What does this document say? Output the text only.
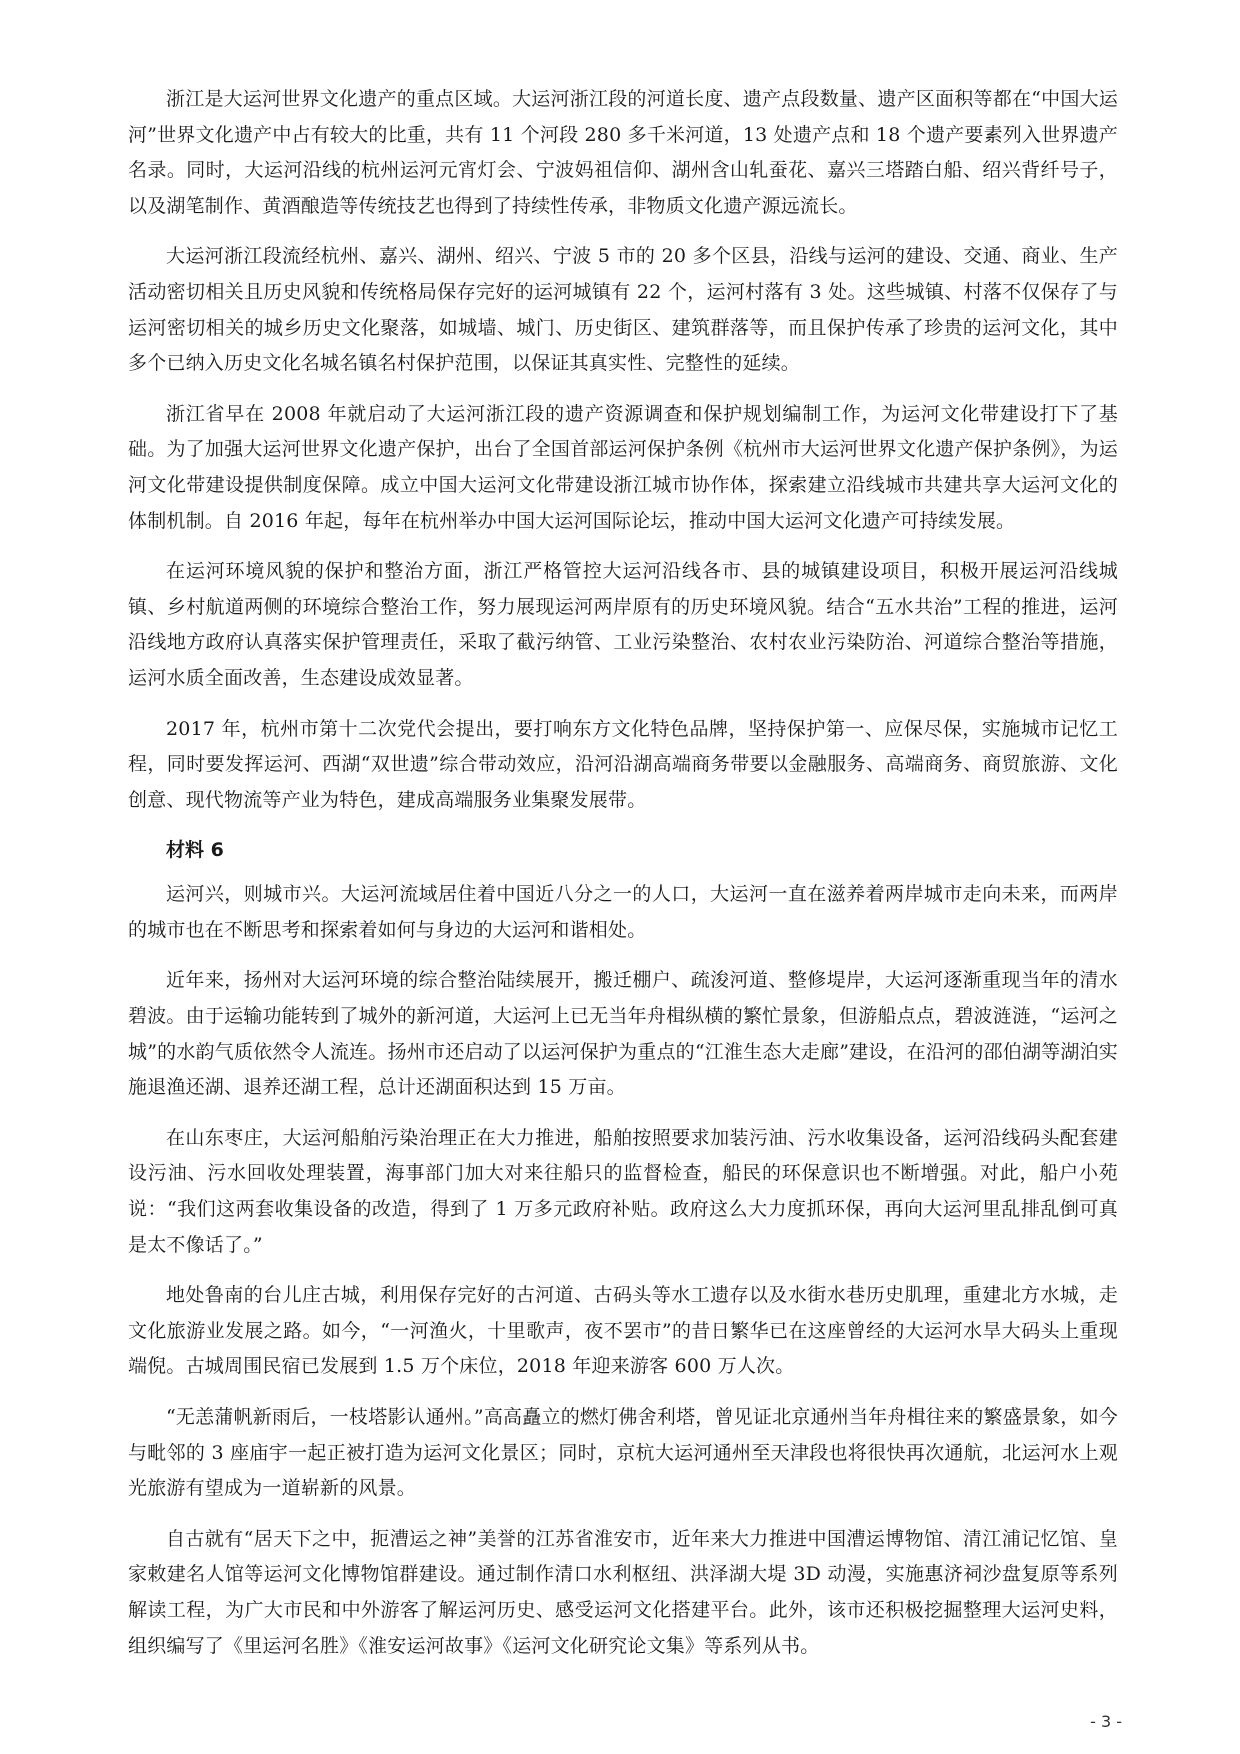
浙江是大运河世界文化遗产的重点区域。大运河浙江段的河道长度、遗产点段数量、遗产区面积等都在“中国大运河”世界文化遗产中占有较大的比重，共有 11 个河段 280 多千米河道，13 处遗产点和 18 个遗产要素列入世界遗产名录。同时，大运河沿线的杭州运河元宵灯会、宁波妈祖信仰、湖州含山轧蚕花、嘉兴三塔踏白船、绍兴背纤号子，以及湖笔制作、黄酒酿造等传统技艺也得到了持续性传承，非物质文化遗产源远流长。

大运河浙江段流经杭州、嘉兴、湖州、绍兴、宁波 5 市的 20 多个区县，沿线与运河的建设、交通、商业、生产活动密切相关且历史风貌和传统格局保存完好的运河城镇有 22 个，运河村落有 3 处。这些城镇、村落不仅保存了与运河密切相关的城乡历史文化聚落，如城墙、城门、历史街区、建筑群落等，而且保护传承了珍贵的运河文化，其中多个已纳入历史文化名城名镇名村保护范围，以保证其真实性、完整性的延续。

浙江省早在 2008 年就启动了大运河浙江段的遗产资源调查和保护规划编制工作，为运河文化带建设打下了基础。为了加强大运河世界文化遗产保护，出台了全国首部运河保护条例《杭州市大运河世界文化遗产保护条例》，为运河文化带建设提供制度保障。成立中国大运河文化带建设浙江城市协作体，探索建立沿线城市共建共享大运河文化的体制机制。自 2016 年起，每年在杭州举办中国大运河国际论坛，推动中国大运河文化遗产可持续发展。

在运河环境风貌的保护和整治方面，浙江严格管控大运河沿线各市、县的城镇建设项目，积极开展运河沿线城镇、乡村航道两侧的环境综合整治工作，努力展现运河两岸原有的历史环境风貌。结合“五水共治”工程的推进，运河沿线地方政府认真落实保护管理责任，采取了截污纳管、工业污染整治、农村农业污染防治、河道综合整治等措施，运河水质全面改善，生态建设成效显著。

2017 年，杭州市第十二次党代会提出，要打响东方文化特色品牌，坚持保护第一、应保尽保，实施城市记忆工程，同时要发挥运河、西湖“双世遗”综合带动效应，沿河沿湖高端商务带要以金融服务、高端商务、商贸旅游、文化创意、现代物流等产业为特色，建成高端服务业集聚发展带。

材料 6

运河兴，则城市兴。大运河流域居住着中国近八分之一的人口，大运河一直在滋养着两岸城市走向未来，而两岸的城市也在不断思考和探索着如何与身边的大运河和谐相处。

近年来，扬州对大运河环境的综合整治陆续展开，搬迁棚户、疏浚河道、整修堤岸，大运河逐渐重现当年的清水碧波。由于运输功能转到了城外的新河道，大运河上已无当年舟楫纵横的繁忙景象，但游船点点，碧波涟涟，“运河之城”的水韵气质依然令人流连。扬州市还启动了以运河保护为重点的“江淮生态大走廊”建设，在沿河的邵伯湖等湖泊实施退渔还湖、退养还湖工程，总计还湖面积达到 15 万亩。

在山东枣庄，大运河船舶污染治理正在大力推进，船舶按照要求加装污油、污水收集设备，运河沿线码头配套建设污油、污水回收处理装置，海事部门加大对来往船只的监督检查，船民的环保意识也不断增强。对此，船户小苑说：“我们这两套收集设备的改造，得到了 1 万多元政府补贴。政府这么大力度抓环保，再向大运河里乱排乱倒可真是太不像话了。”

地处鲁南的台儿庄古城，利用保存完好的古河道、古码头等水工遗存以及水街水巷历史肌理，重建北方水城，走文化旅游业发展之路。如今，“一河渔火，十里歌声，夜不罢市”的昔日繁华已在这座曾经的大运河水旱大码头上重现端倪。古城周围民宿已发展到 1.5 万个床位，2018 年迎来游客 600 万人次。

“无恙蒲帆新雨后，一枝塔影认通州。”高高矗立的燃灯佛舍利塔，曾见证北京通州当年舟楫往来的繁盛景象，如今与毗邻的 3 座庙宇一起正被打造为运河文化景区；同时，京杭大运河通州至天津段也将很快再次通航，北运河水上观光旅游有望成为一道崭新的风景。

自古就有“居天下之中，扼漕运之神”美誉的江苏省淮安市，近年来大力推进中国漕运博物馆、清江浦记忆馆、皇家敕建名人馆等运河文化博物馆群建设。通过制作清口水利枢纽、洪泽湖大堤 3D 动漫，实施惠济祠沙盘复原等系列解读工程，为广大市民和中外游客了解运河历史、感受运河文化搭建平台。此外，该市还积极挖掘整理大运河史料，组织编写了《里运河名胜》《淮安运河故事》《运河文化研究论文集》等系列从书。

- 3 -
